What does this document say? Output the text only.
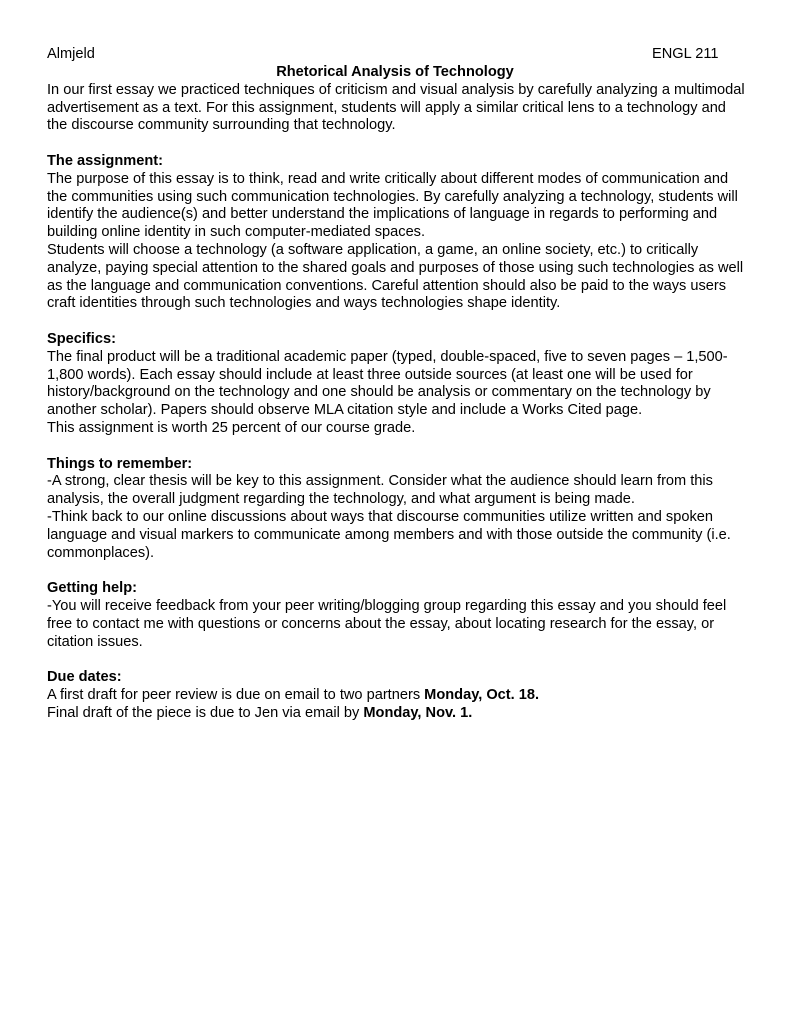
Almjeld	ENGL 211
Rhetorical Analysis of Technology

In our first essay we practiced techniques of criticism and visual analysis by carefully analyzing a multimodal advertisement as a text. For this assignment, students will apply a similar critical lens to a technology and the discourse community surrounding that technology.

The assignment:

The purpose of this essay is to think, read and write critically about different modes of communication and the communities using such communication technologies. By carefully analyzing a technology, students will identify the audience(s) and better understand the implications of language in regards to performing and building online identity in such computer-mediated spaces.

Students will choose a technology (a software application, a game, an online society, etc.) to critically analyze, paying special attention to the shared goals and purposes of those using such technologies as well as the language and communication conventions. Careful attention should also be paid to the ways users craft identities through such technologies and ways technologies shape identity.

Specifics:

The final product will be a traditional academic paper (typed, double-spaced, five to seven pages – 1,500-1,800 words). Each essay should include at least three outside sources (at least one will be used for history/background on the technology and one should be analysis or commentary on the technology by another scholar). Papers should observe MLA citation style and include a Works Cited page.

This assignment is worth 25 percent of our course grade.

Things to remember:

-A strong, clear thesis will be key to this assignment. Consider what the audience should learn from this analysis, the overall judgment regarding the technology, and what argument is being made.

-Think back to our online discussions about ways that discourse communities utilize written and spoken language and visual markers to communicate among members and with those outside the community (i.e. commonplaces).

Getting help:

-You will receive feedback from your peer writing/blogging group regarding this essay and you should feel free to contact me with questions or concerns about the essay, about locating research for the essay, or citation issues.

Due dates:

A first draft for peer review is due on email to two partners Monday, Oct. 18.

Final draft of the piece is due to Jen via email by Monday, Nov. 1.
